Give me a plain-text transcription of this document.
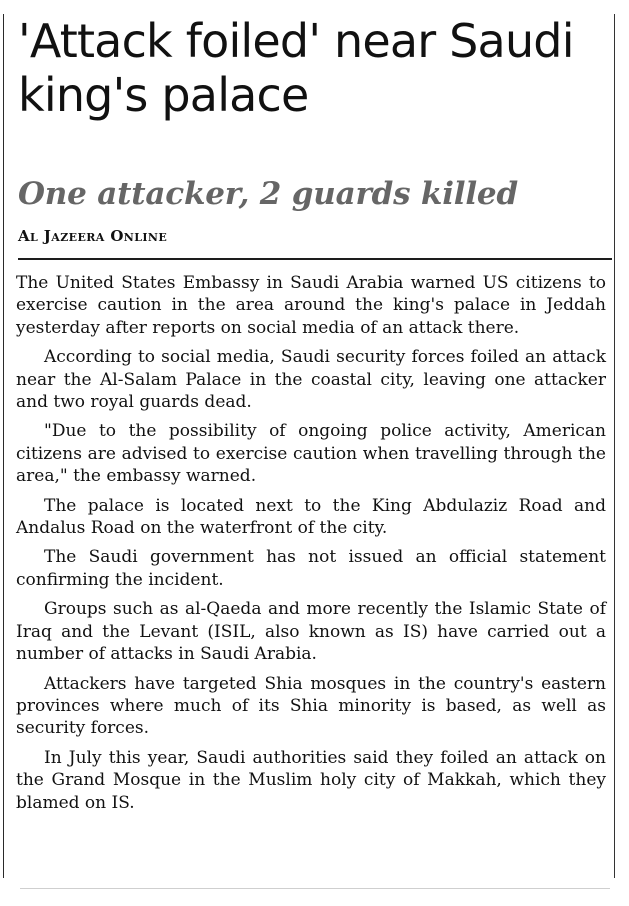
'Attack foiled' near Saudi king's palace
One attacker, 2 guards killed
Al Jazeera Online

The United States Embassy in Saudi Arabia warned US citizens to exercise caution in the area around the king's palace in Jeddah yesterday after reports on social media of an attack there.

According to social media, Saudi security forces foiled an attack near the Al-Salam Palace in the coastal city, leaving one attacker and two royal guards dead.

"Due to the possibility of ongoing police activity, American citizens are advised to exercise caution when travelling through the area," the embassy warned.

The palace is located next to the King Abdulaziz Road and Andalus Road on the waterfront of the city.

The Saudi government has not issued an official statement confirming the incident.

Groups such as al-Qaeda and more recently the Islamic State of Iraq and the Levant (ISIL, also known as IS) have carried out a number of attacks in Saudi Arabia.

Attackers have targeted Shia mosques in the country's eastern provinces where much of its Shia minority is based, as well as security forces.

In July this year, Saudi authorities said they foiled an attack on the Grand Mosque in the Muslim holy city of Makkah, which they blamed on IS.
